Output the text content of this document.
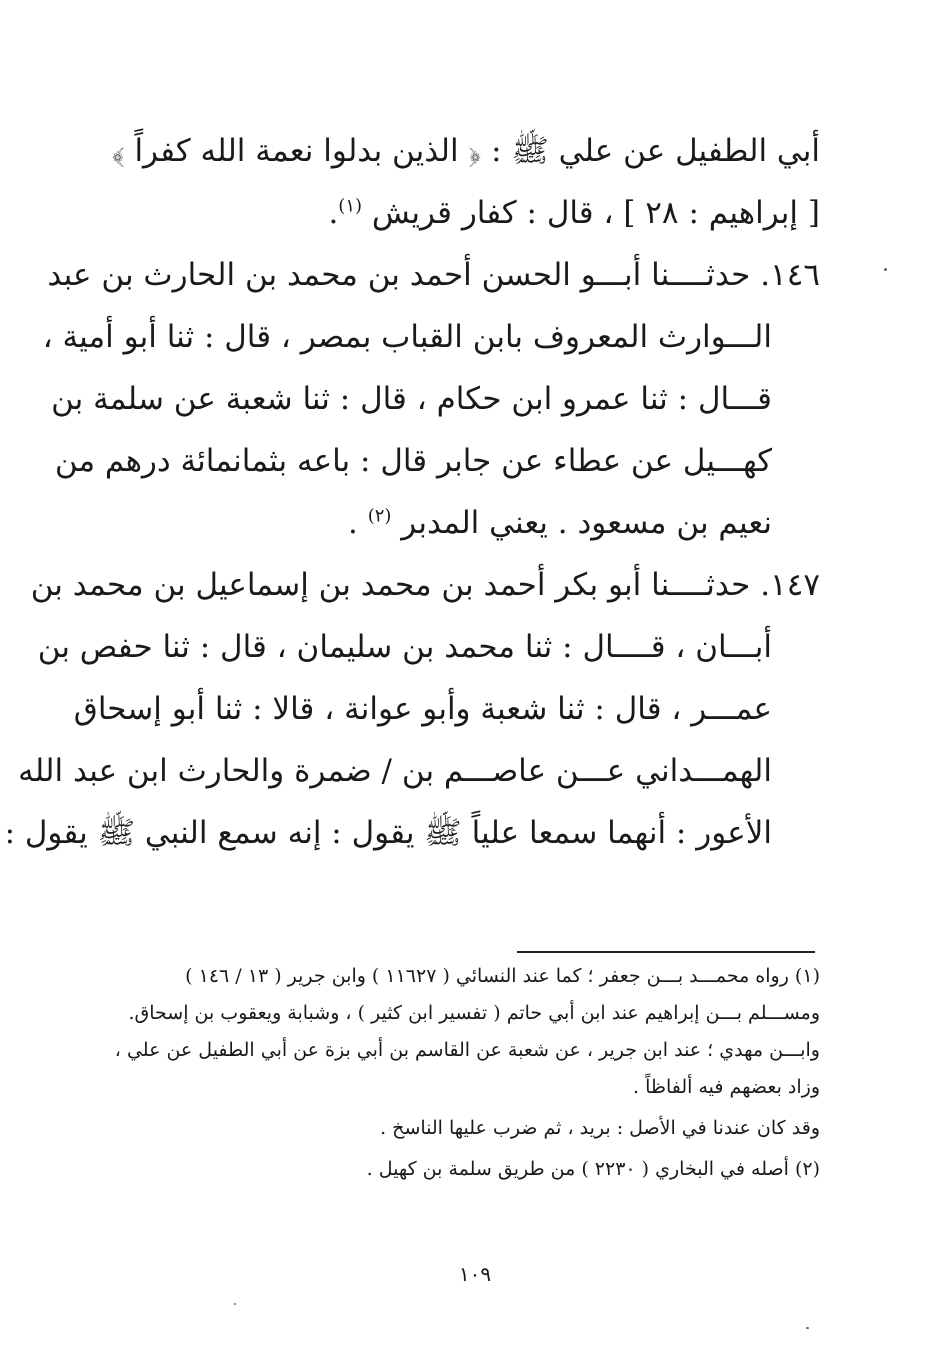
أبي الطفيل عن علي ﷺ : ﴿ الذين بدلوا نعمة الله كفراً ﴾
[ إبراهيم : ٢٨ ] ، قال : كفار قريش $^{(١)}$.
١٤٦. حدثــــنا أبـــو الحسن أحمد بن محمد بن الحارث بن عبد
الـــوارث المعروف بابن القباب بمصر ، قال : ثنا أبو أمية ،
قـــال : ثنا عمرو ابن حكام ، قال : ثنا شعبة عن سلمة بن
كهـــيل عن عطاء عن جابر قال : باعه بثمانمائة درهم من
نعيم بن مسعود . يعني المدبر $^{(٢)}$ .
١٤٧. حدثــــنا أبو بكر أحمد بن محمد بن إسماعيل بن محمد بن
أبـــان ، قــــال : ثنا محمد بن سليمان ، قال : ثنا حفص بن
عمـــر ، قال : ثنا شعبة وأبو عوانة ، قالا : ثنا أبو إسحاق
الهمـــداني عـــن عاصـــم بن / ضمرة والحارث ابن عبد الله
الأعور : أنهما سمعا علياً ﷺ يقول : إنه سمع النبي ﷺ يقول :
(١) رواه محمـــد بـــن جعفر ؛ كما عند النسائي ( ١١٦٢٧ ) وابن جرير ( ١٣ / ١٤٦ )
ومســـلم بـــن إبراهيم عند ابن أبي حاتم ( تفسير ابن كثير ) ، وشبابة ويعقوب بن إسحاق.
وابـــن مهدي ؛ عند ابن جرير ، عن شعبة عن القاسم بن أبي بزة عن أبي الطفيل عن علي ،
وزاد بعضهم فيه ألفاظاً .
وقد كان عندنا في الأصل : بريد ، ثم ضرب عليها الناسخ .
(٢) أصله في البخاري ( ٢٢٣٠ ) من طريق سلمة بن كهيل .
١٠٩
